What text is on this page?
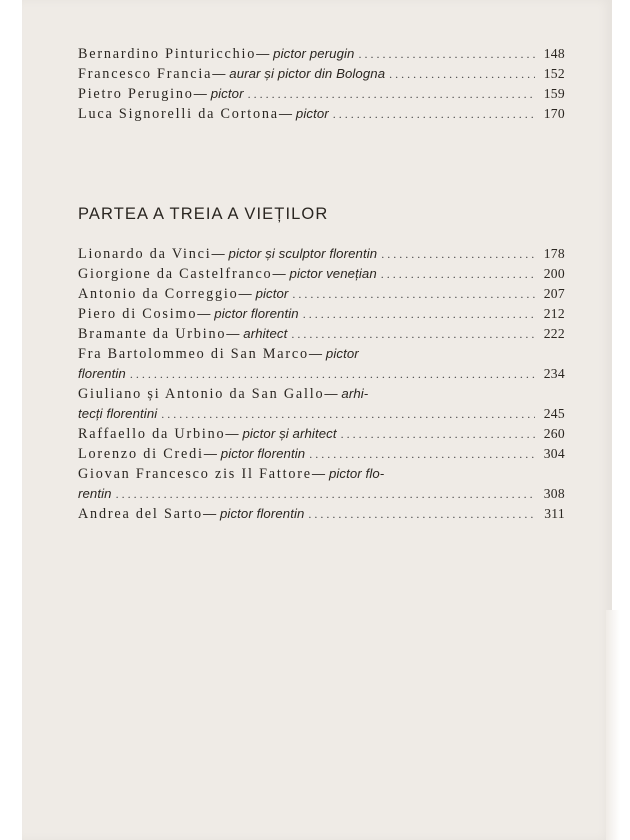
Bernardino Pinturicchio — pictor perugin . . .	148
Francesco Francia — aurar și pictor din Bologna . . .	152
Pietro Perugino — pictor . . .	159
Luca Signorelli da Cortona — pictor . . .	170
PARTEA A TREIA A VIEȚILOR
Lionardo da Vinci — pictor și sculptor florentin . . .	178
Giorgione da Castelfranco — pictor venețian . . .	200
Antonio da Correggio — pictor . . .	207
Piero di Cosimo — pictor florentin . . .	212
Bramante da Urbino — arhitect . . .	222
Fra Bartolommeo di San Marco— pictor
florentin . . .	234
Giuliano și Antonio da San Gallo— arhi-
tecți florentini . . .	245
Raffaello da Urbino — pictor și arhitect . . .	260
Lorenzo di Credi — pictor florentin . . .	304
Giovan Francesco zis Il Fattore— pictor flo-
rentin . . .	308
Andrea del Sarto — pictor florentin . . .	311
